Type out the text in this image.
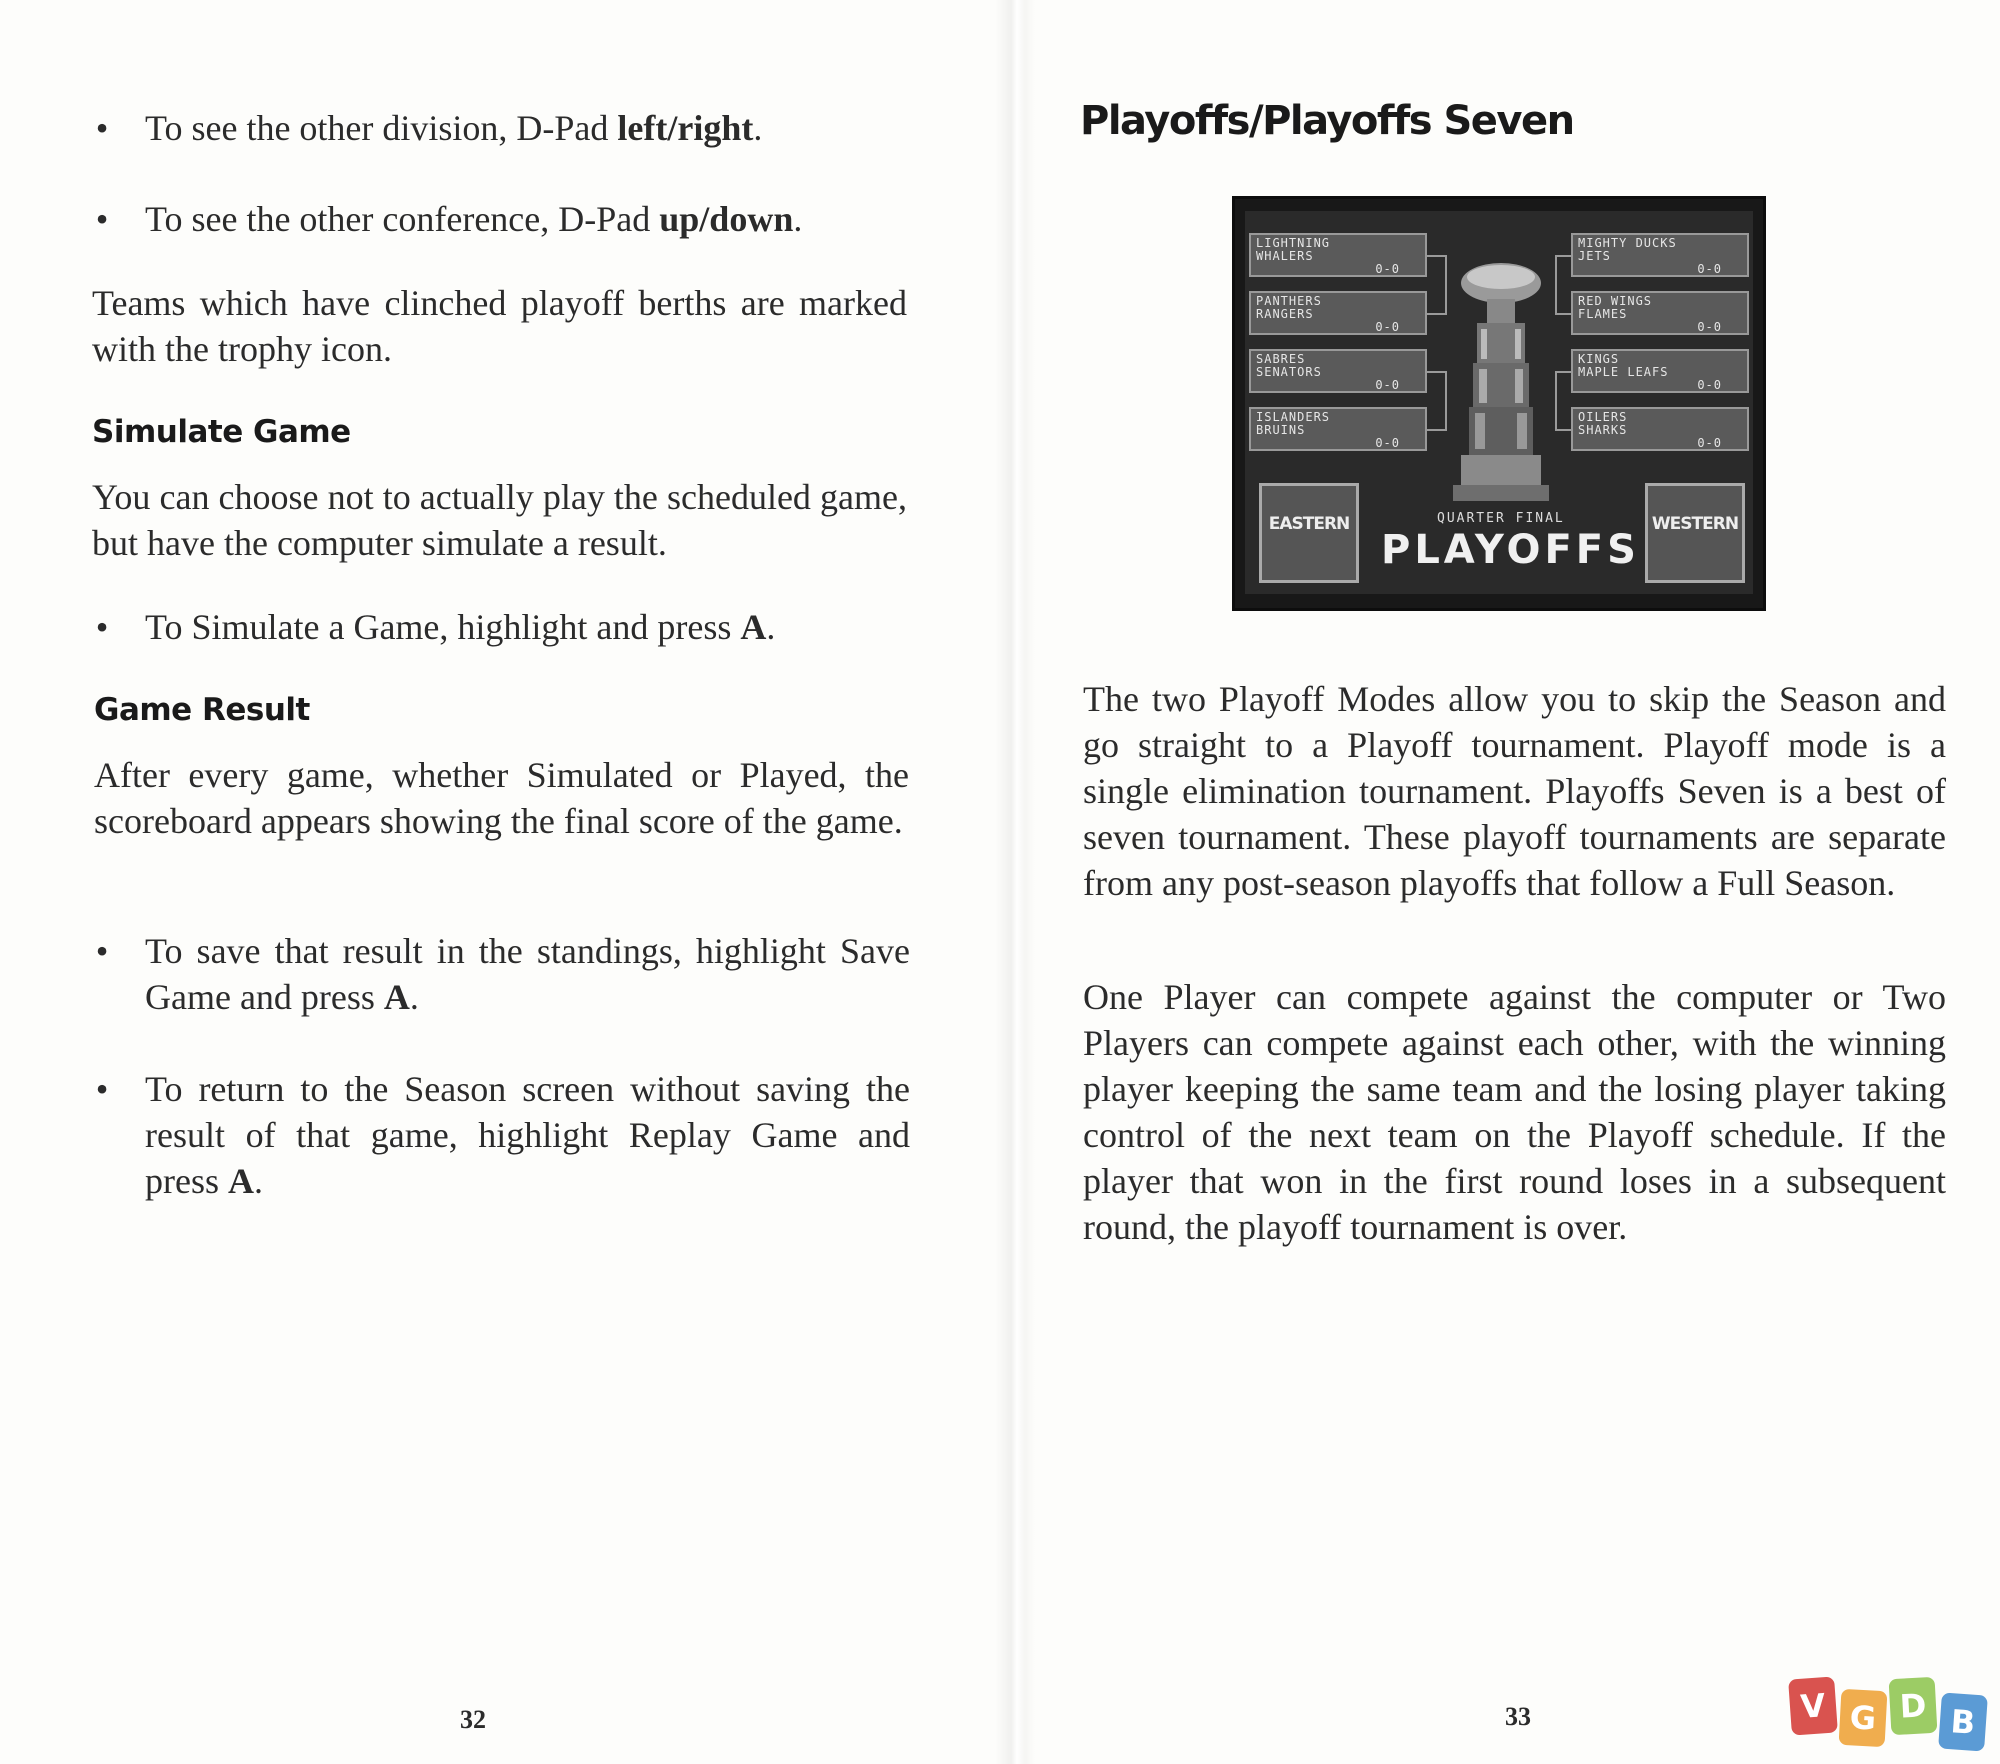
• To see the other division, D-Pad left/right.
• To see the other conference, D-Pad up/down.
Teams which have clinched playoff berths are marked with the trophy icon.
Simulate Game
You can choose not to actually play the scheduled game, but have the computer simulate a result.
• To Simulate a Game, highlight and press A.
Game Result
After every game, whether Simulated or Played, the scoreboard appears showing the final score of the game.
• To save that result in the standings, highlight Save Game and press A.
• To return to the Season screen without saving the result of that game, highlight Replay Game and press A.
32
Playoffs/Playoffs Seven
LIGHTNING
WHALERS
0-0
PANTHERS
RANGERS
0-0
SABRES
SENATORS
0-0
ISLANDERS
BRUINS
0-0
MIGHTY DUCKS
JETS
0-0
RED WINGS
FLAMES
0-0
KINGS
MAPLE LEAFS
0-0
OILERS
SHARKS
0-0
EASTERN	WESTERN
QUARTER FINAL
PLAYOFFS
The two Playoff Modes allow you to skip the Season and go straight to a Playoff tournament. Playoff mode is a single elimination tournament. Playoffs Seven is a best of seven tournament. These playoff tournaments are separate from any post-season playoffs that follow a Full Season.
One Player can compete against the computer or Two Players can compete against each other, with the winning player keeping the same team and the losing player taking control of the next team on the Playoff schedule. If the player that won in the first round loses in a subsequent round, the playoff tournament is over.
33	V G D B
